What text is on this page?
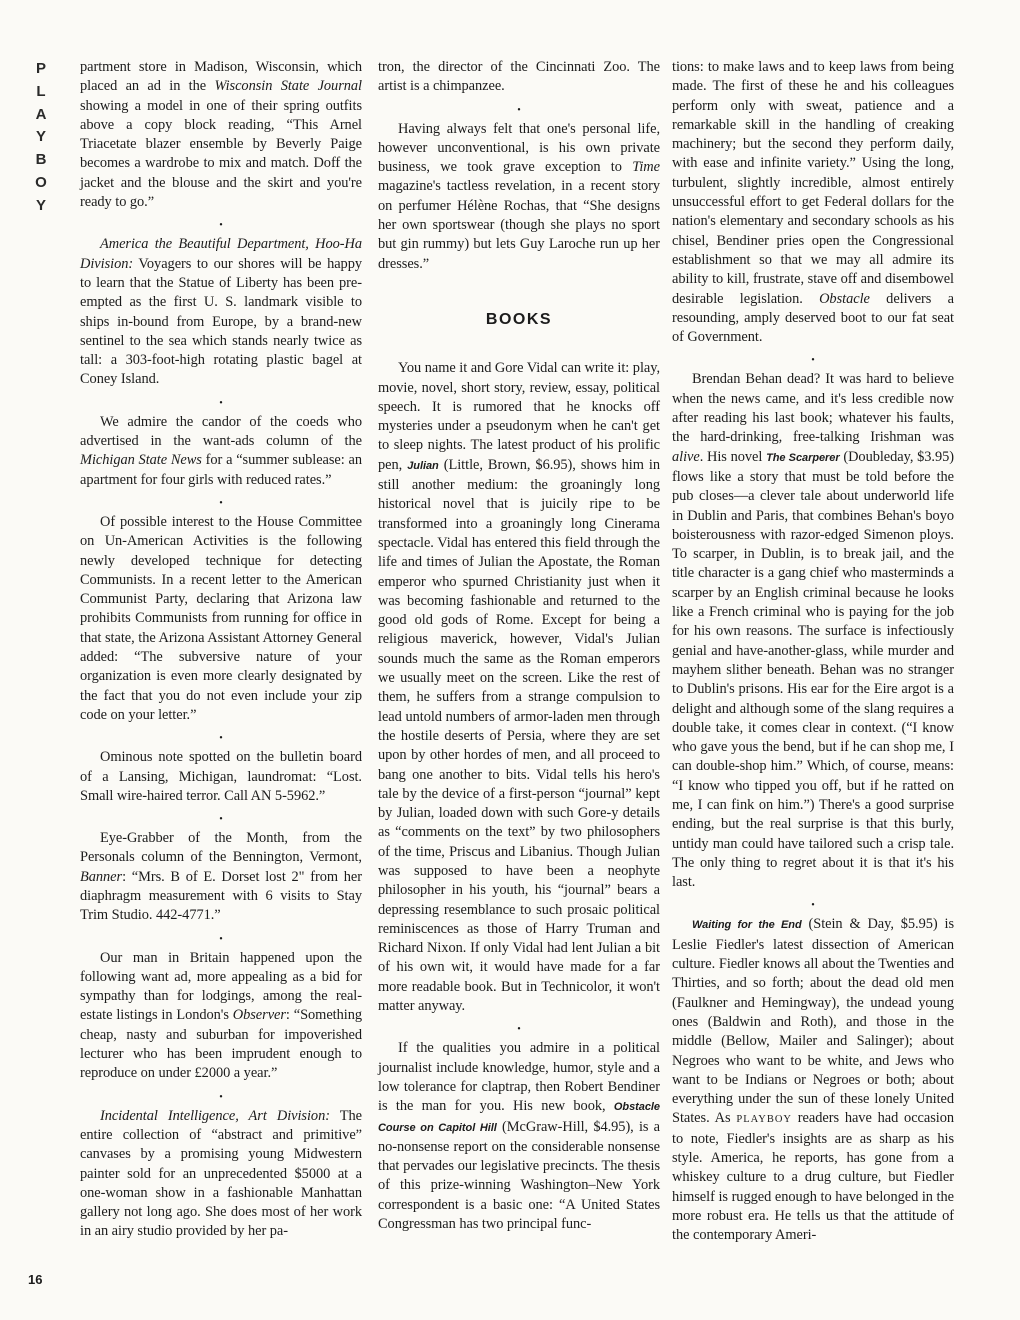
P
L
A
Y
B
O
Y
16

partment store in Madison, Wisconsin, which placed an ad in the Wisconsin State Journal showing a model in one of their spring outfits above a copy block reading, “This Arnel Triacetate blazer ensemble by Beverly Paige becomes a wardrobe to mix and match. Doff the jacket and the blouse and the skirt and you're ready to go.”

•

America the Beautiful Department, Hoo-Ha Division: Voyagers to our shores will be happy to learn that the Statue of Liberty has been pre-empted as the first U. S. landmark visible to ships in-bound from Europe, by a brand-new sentinel to the sea which stands nearly twice as tall: a 303-foot-high rotating plastic bagel at Coney Island.

•

We admire the candor of the coeds who advertised in the want-ads column of the Michigan State News for a “summer sublease: an apartment for four girls with reduced rates.”

•

Of possible interest to the House Committee on Un-American Activities is the following newly developed technique for detecting Communists. In a recent letter to the American Communist Party, declaring that Arizona law prohibits Communists from running for office in that state, the Arizona Assistant Attorney General added: “The subversive nature of your organization is even more clearly designated by the fact that you do not even include your zip code on your letter.”

•

Ominous note spotted on the bulletin board of a Lansing, Michigan, laundromat: “Lost. Small wire-haired terror. Call AN 5-5962.”

•

Eye-Grabber of the Month, from the Personals column of the Bennington, Vermont, Banner: “Mrs. B of E. Dorset lost 2" from her diaphragm measurement with 6 visits to Stay Trim Studio. 442-4771.”

•

Our man in Britain happened upon the following want ad, more appealing as a bid for sympathy than for lodgings, among the real-estate listings in London's Observer: “Something cheap, nasty and suburban for impoverished lecturer who has been imprudent enough to reproduce on under £2000 a year.”

•

Incidental Intelligence, Art Division: The entire collection of “abstract and primitive” canvases by a promising young Midwestern painter sold for an unprecedented $5000 at a one-woman show in a fashionable Manhattan gallery not long ago. She does most of her work in an airy studio provided by her pa-

tron, the director of the Cincinnati Zoo. The artist is a chimpanzee.

•

Having always felt that one's personal life, however unconventional, is his own private business, we took grave exception to Time magazine's tactless revelation, in a recent story on perfumer Hélène Rochas, that “She designs her own sportswear (though she plays no sport but gin rummy) but lets Guy Laroche run up her dresses.”

BOOKS

You name it and Gore Vidal can write it: play, movie, novel, short story, review, essay, political speech. It is rumored that he knocks off mysteries under a pseudonym when he can't get to sleep nights. The latest product of his prolific pen, Julian (Little, Brown, $6.95), shows him in still another medium: the groaningly long historical novel that is juicily ripe to be transformed into a groaningly long Cinerama spectacle. Vidal has entered this field through the life and times of Julian the Apostate, the Roman emperor who spurned Christianity just when it was becoming fashionable and returned to the good old gods of Rome. Except for being a religious maverick, however, Vidal's Julian sounds much the same as the Roman emperors we usually meet on the screen. Like the rest of them, he suffers from a strange compulsion to lead untold numbers of armor-laden men through the hostile deserts of Persia, where they are set upon by other hordes of men, and all proceed to bang one another to bits. Vidal tells his hero's tale by the device of a first-person “journal” kept by Julian, loaded down with such Gore-y details as “comments on the text” by two philosophers of the time, Priscus and Libanius. Though Julian was supposed to have been a neophyte philosopher in his youth, his “journal” bears a depressing resemblance to such prosaic political reminiscences as those of Harry Truman and Richard Nixon. If only Vidal had lent Julian a bit of his own wit, it would have made for a far more readable book. But in Technicolor, it won't matter anyway.

•

If the qualities you admire in a political journalist include knowledge, humor, style and a low tolerance for claptrap, then Robert Bendiner is the man for you. His new book, Obstacle Course on Capitol Hill (McGraw-Hill, $4.95), is a no-nonsense report on the considerable nonsense that pervades our legislative precincts. The thesis of this prize-winning Washington–New York correspondent is a basic one: “A United States Congressman has two principal func-

tions: to make laws and to keep laws from being made. The first of these he and his colleagues perform only with sweat, patience and a remarkable skill in the handling of creaking machinery; but the second they perform daily, with ease and infinite variety.” Using the long, turbulent, slightly incredible, almost entirely unsuccessful effort to get Federal dollars for the nation's elementary and secondary schools as his chisel, Bendiner pries open the Congressional establishment so that we may all admire its ability to kill, frustrate, stave off and disembowel desirable legislation. Obstacle delivers a resounding, amply deserved boot to our fat seat of Government.

•

Brendan Behan dead? It was hard to believe when the news came, and it's less credible now after reading his last book; whatever his faults, the hard-drinking, free-talking Irishman was alive. His novel The Scarperer (Doubleday, $3.95) flows like a story that must be told before the pub closes—a clever tale about underworld life in Dublin and Paris, that combines Behan's boyo boisterousness with razor-edged Simenon ploys. To scarper, in Dublin, is to break jail, and the title character is a gang chief who masterminds a scarper by an English criminal because he looks like a French criminal who is paying for the job for his own reasons. The surface is infectiously genial and have-another-glass, while murder and mayhem slither beneath. Behan was no stranger to Dublin's prisons. His ear for the Eire argot is a delight and although some of the slang requires a double take, it comes clear in context. (“I know who gave yous the bend, but if he can shop me, I can double-shop him.” Which, of course, means: “I know who tipped you off, but if he ratted on me, I can fink on him.”) There's a good surprise ending, but the real surprise is that this burly, untidy man could have tailored such a crisp tale. The only thing to regret about it is that it's his last.

•

Waiting for the End (Stein & Day, $5.95) is Leslie Fiedler's latest dissection of American culture. Fiedler knows all about the Twenties and Thirties, and so forth; about the dead old men (Faulkner and Hemingway), the undead young ones (Baldwin and Roth), and those in the middle (Bellow, Mailer and Salinger); about Negroes who want to be white, and Jews who want to be Indians or Negroes or both; about everything under the sun of these lonely United States. As PLAYBOY readers have had occasion to note, Fiedler's insights are as sharp as his style. America, he reports, has gone from a whiskey culture to a drug culture, but Fiedler himself is rugged enough to have belonged in the more robust era. He tells us that the attitude of the contemporary Ameri-
